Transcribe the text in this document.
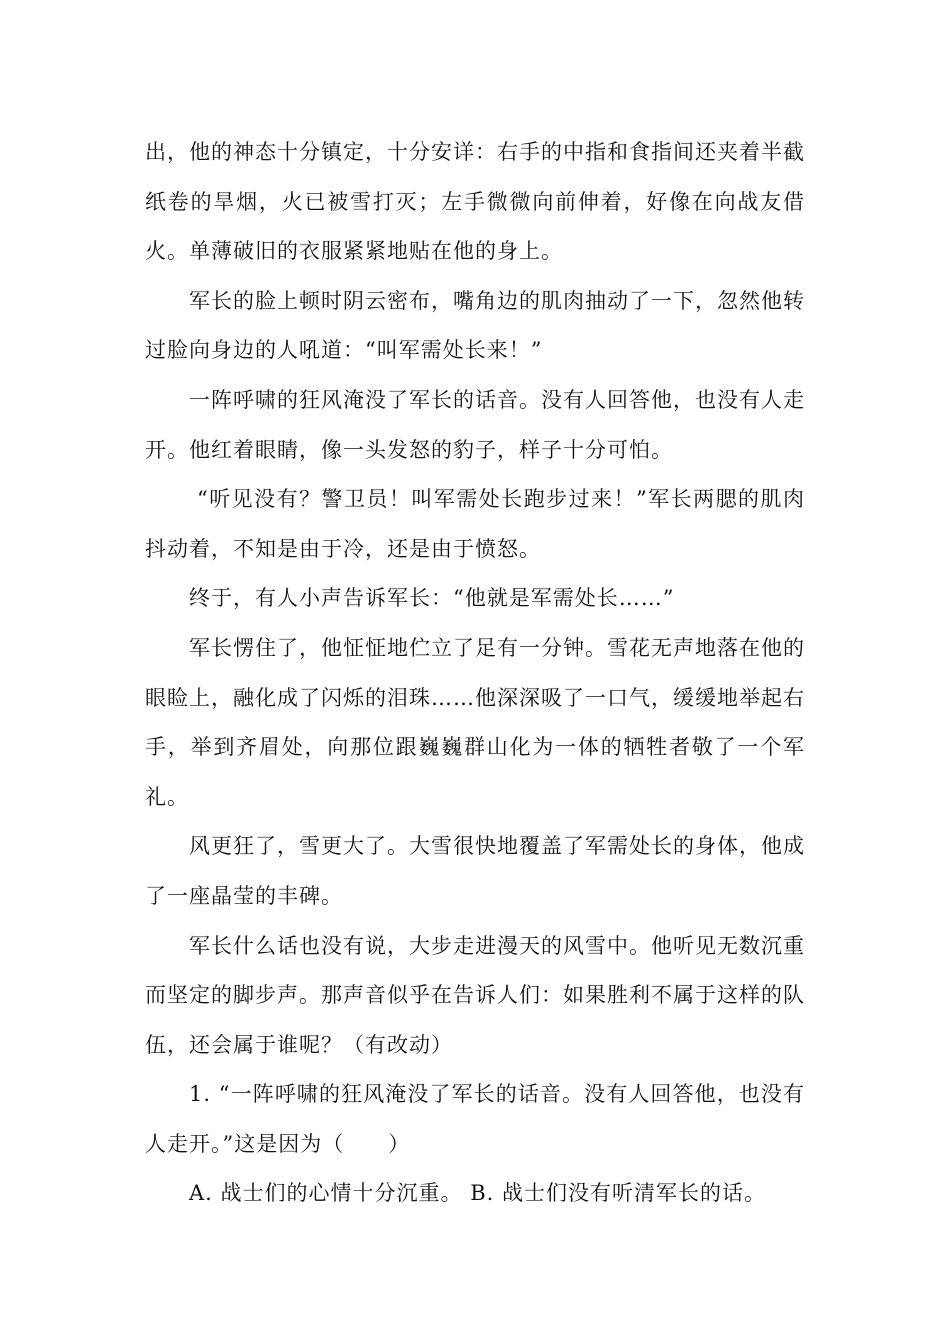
出，他的神态十分镇定，十分安详：右手的中指和食指间还夹着半截纸卷的旱烟，火已被雪打灭；左手微微向前伸着，好像在向战友借火。单薄破旧的衣服紧紧地贴在他的身上。

军长的脸上顿时阴云密布，嘴角边的肌肉抽动了一下，忽然他转过脸向身边的人吼道：“叫军需处长来！”

一阵呼啸的狂风淹没了军长的话音。没有人回答他，也没有人走开。他红着眼睛，像一头发怒的豹子，样子十分可怕。

“听见没有？警卫员！叫军需处长跑步过来！”军长两腮的肌肉抖动着，不知是由于冷，还是由于愤怒。

终于，有人小声告诉军长：“他就是军需处长……”

军长愣住了，他怔怔地伫立了足有一分钟。雪花无声地落在他的眼睑上，融化成了闪烁的泪珠……他深深吸了一口气，缓缓地举起右手，举到齐眉处，向那位跟巍巍群山化为一体的牺牲者敬了一个军礼。

风更狂了，雪更大了。大雪很快地覆盖了军需处长的身体，他成了一座晶莹的丰碑。

军长什么话也没有说，大步走进漫天的风雪中。他听见无数沉重而坚定的脚步声。那声音似乎在告诉人们：如果胜利不属于这样的队伍，还会属于谁呢？（有改动）

1. “一阵呼啸的狂风淹没了军长的话音。没有人回答他，也没有人走开。”这是因为（　　）

A. 战士们的心情十分沉重。 B. 战士们没有听清军长的话。
